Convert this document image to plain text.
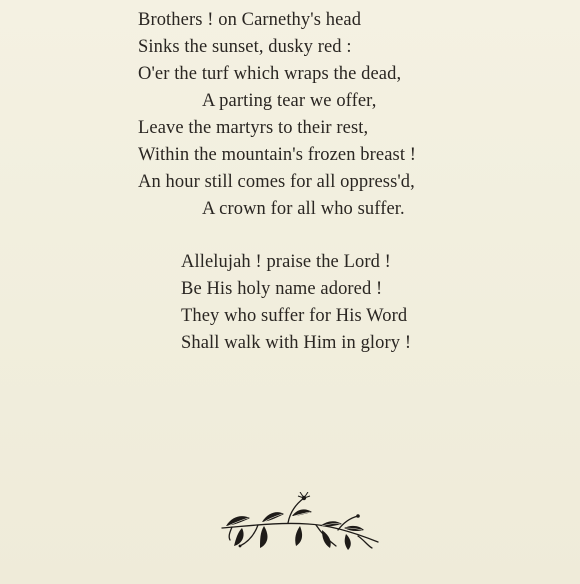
Brothers ! on Carnethy's head
Sinks the sunset, dusky red :
O'er the turf which wraps the dead,
A parting tear we offer,
Leave the martyrs to their rest,
Within the mountain's frozen breast !
An hour still comes for all oppress'd,
A crown for all who suffer.
Allelujah ! praise the Lord !
Be His holy name adored !
They who suffer for His Word
Shall walk with Him in glory !
